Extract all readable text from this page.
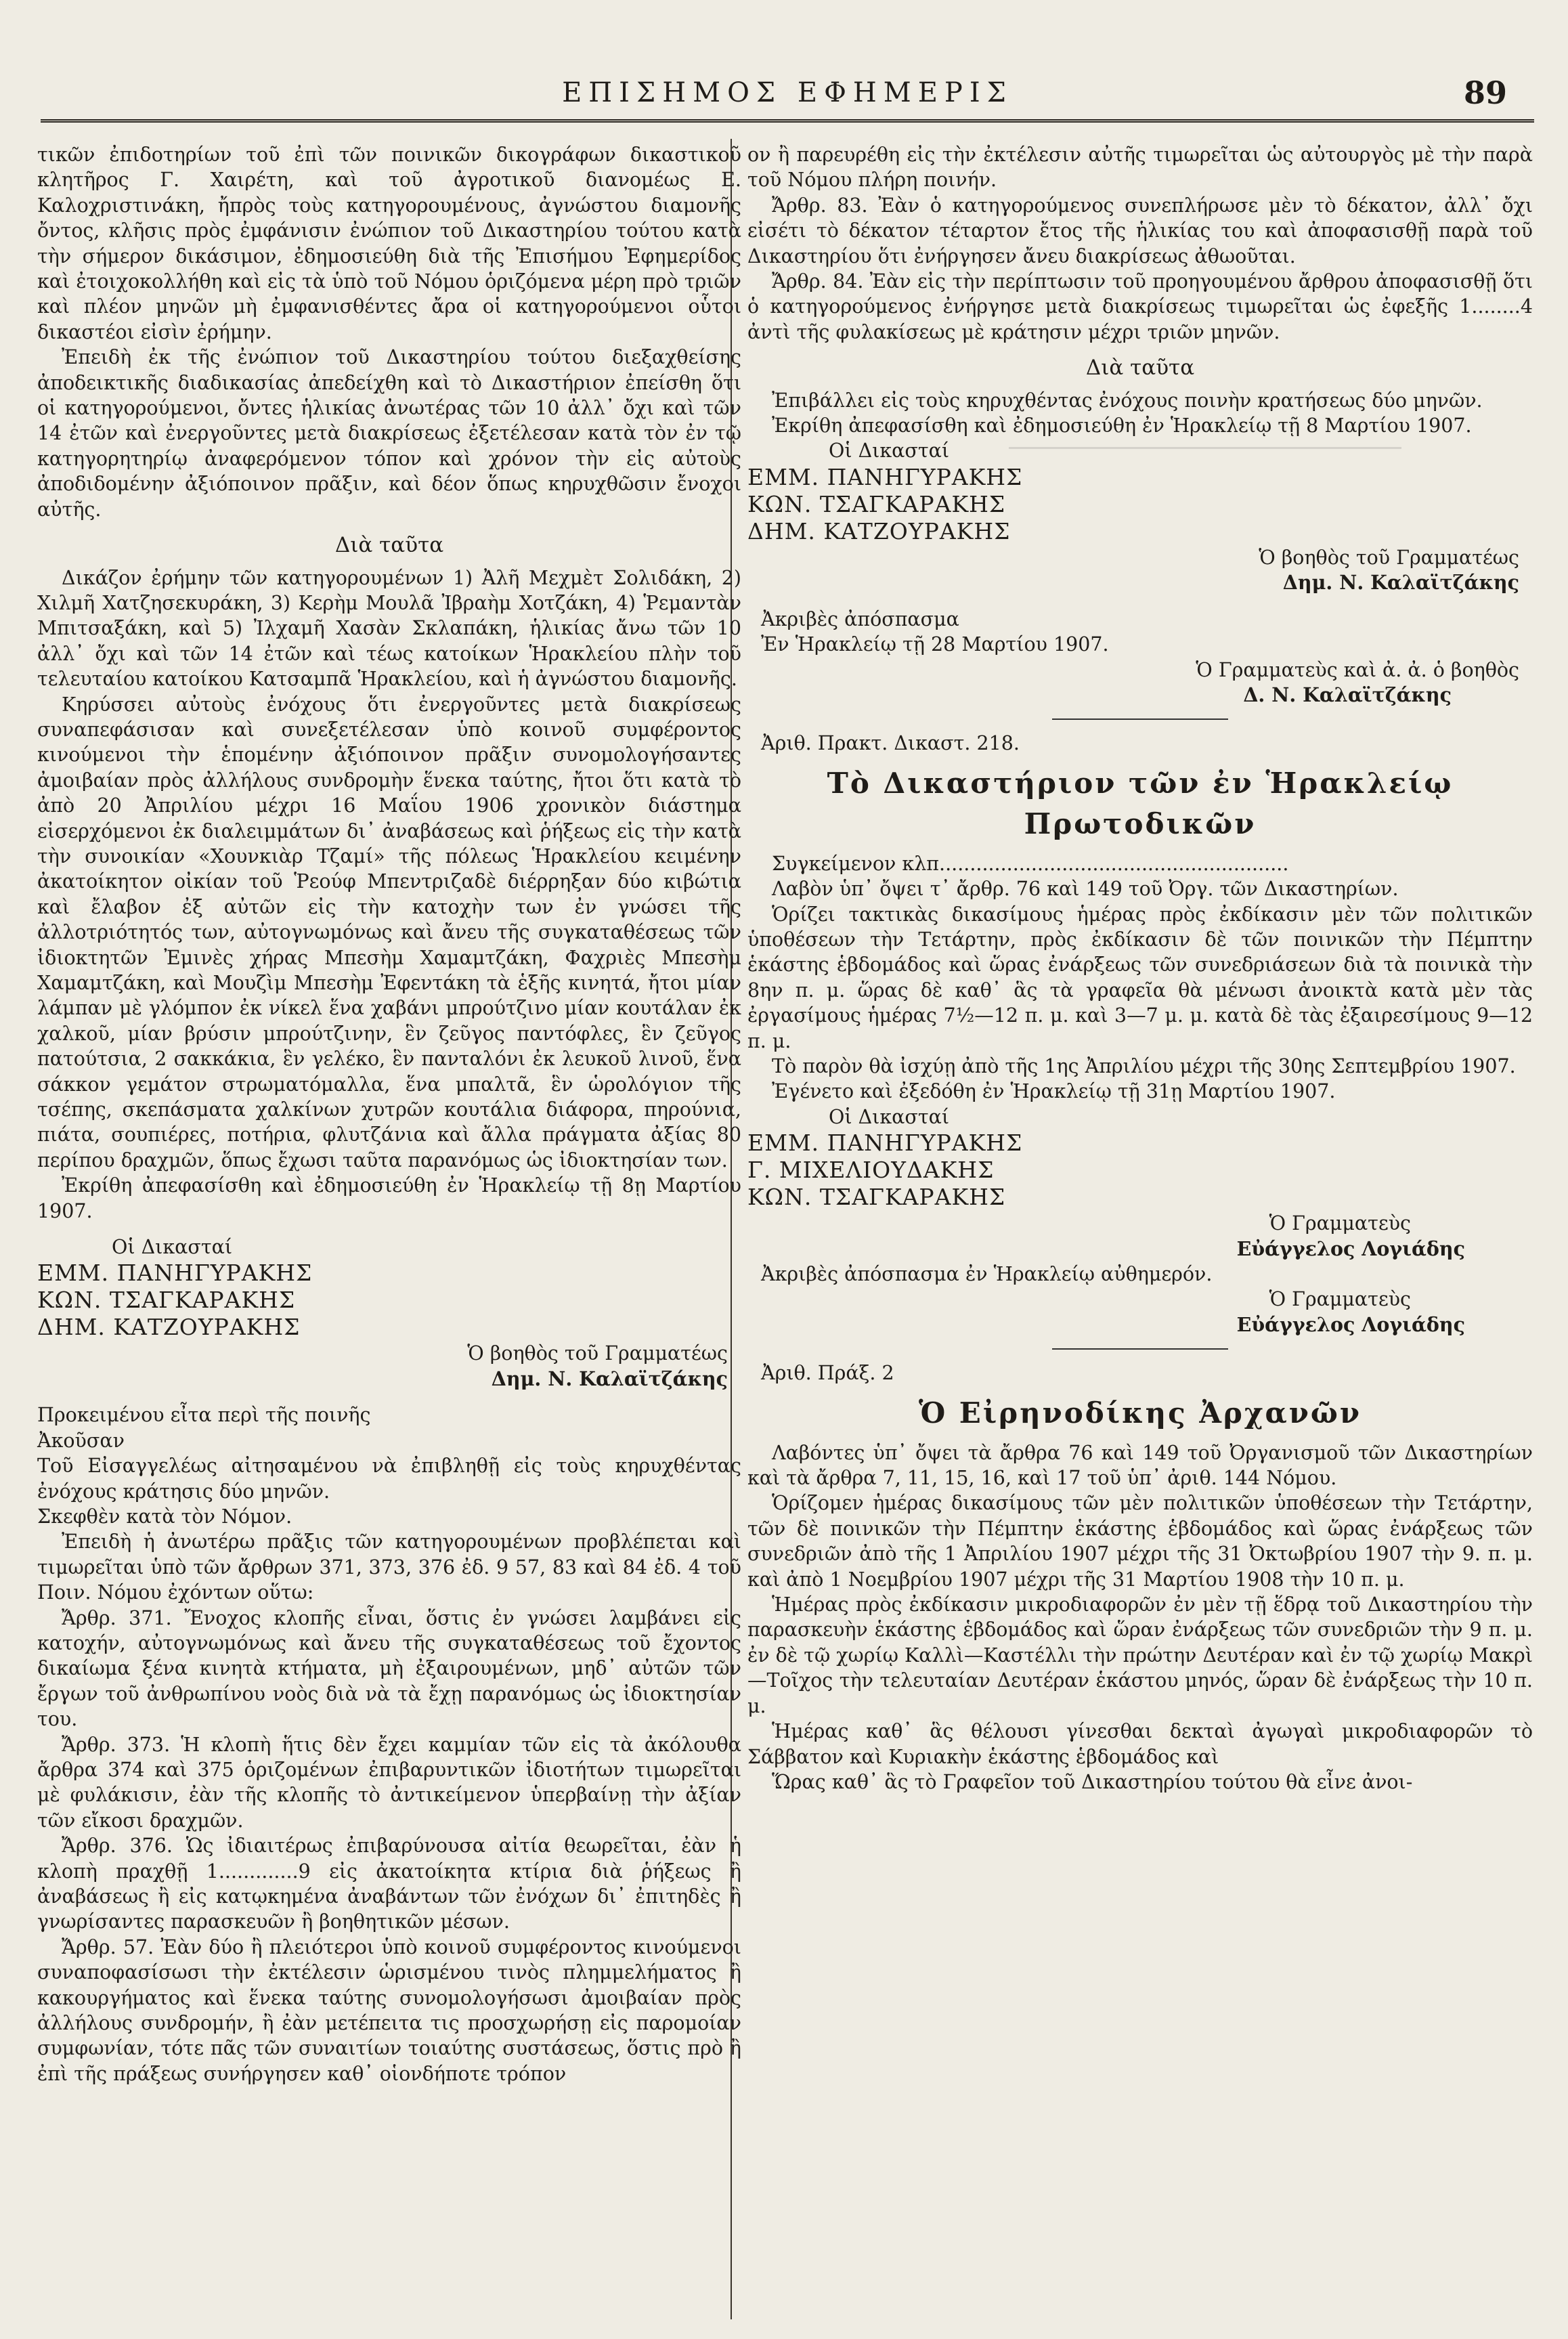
ΕΠΙΣΗΜΟΣ ΕΦΗΜΕΡΙΣ	89

τικῶν ἐπιδοτηρίων τοῦ ἐπὶ τῶν ποινικῶν δικογράφων δικαστικοῦ κλητῆρος Γ. Χαιρέτη, καὶ τοῦ ἀγροτικοῦ διανομέως Ε. Καλοχριστινάκη, ἤπρὸς τοὺς κατηγορουμένους, ἀγνώστου διαμονῆς ὄντος, κλῆσις πρὸς ἐμφάνισιν ἐνώπιον τοῦ Δικαστηρίου τούτου κατὰ τὴν σήμερον δικάσιμον, ἐδημοσιεύθη διὰ τῆς Ἐπισήμου Ἐφημερίδος καὶ ἐτοιχοκολλήθη καὶ εἰς τὰ ὑπὸ τοῦ Νόμου ὁριζόμενα μέρη πρὸ τριῶν καὶ πλέον μηνῶν μὴ ἐμφανισθέντες ἄρα οἱ κατηγορούμενοι οὗτοι δικαστέοι εἰσὶν ἐρήμην.

Ἐπειδὴ ἐκ τῆς ἐνώπιον τοῦ Δικαστηρίου τούτου διεξαχθείσης ἀποδεικτικῆς διαδικασίας ἀπεδείχθη καὶ τὸ Δικαστήριον ἐπείσθη ὅτι οἱ κατηγορούμενοι, ὄντες ἡλικίας ἀνωτέρας τῶν 10 ἀλλ᾽ ὄχι καὶ τῶν 14 ἐτῶν καὶ ἐνεργοῦντες μετὰ διακρίσεως ἐξετέλεσαν κατὰ τὸν ἐν τῷ κατηγορητηρίῳ ἀναφερόμενον τόπον καὶ χρόνον τὴν εἰς αὐτοὺς ἀποδιδομένην ἀξιόποινον πρᾶξιν, καὶ δέον ὅπως κηρυχθῶσιν ἔνοχοι αὐτῆς.

Διὰ ταῦτα

Δικάζον ἐρήμην τῶν κατηγορουμένων 1) Ἀλῆ Μεχμὲτ Σολιδάκη, 2) Χιλμῆ Χατζησεκυράκη, 3) Κερὴμ Μουλᾶ Ἰβραὴμ Χοτζάκη, 4) Ῥεμαντὰν Μπιτσαξάκη, καὶ 5) Ἰλχαμῆ Χασὰν Σκλαπάκη, ἡλικίας ἄνω τῶν 10 ἀλλ᾽ ὄχι καὶ τῶν 14 ἐτῶν καὶ τέως κατοίκων Ἡρακλείου πλὴν τοῦ τελευταίου κατοίκου Κατσαμπᾶ Ἡρακλείου, καὶ ἡ ἀγνώστου διαμονῆς.

Κηρύσσει αὐτοὺς ἐνόχους ὅτι ἐνεργοῦντες μετὰ διακρίσεως συναπεφάσισαν καὶ συνεξετέλεσαν ὑπὸ κοινοῦ συμφέροντος κινούμενοι τὴν ἑπομένην ἀξιόποινον πρᾶξιν συνομολογήσαντες ἀμοιβαίαν πρὸς ἀλλήλους συνδρομὴν ἕνεκα ταύτης, ἤτοι ὅτι κατὰ τὸ ἀπὸ 20 Ἀπριλίου μέχρι 16 Μαΐου 1906 χρονικὸν διάστημα εἰσερχόμενοι ἐκ διαλειμμάτων δι᾽ ἀναβάσεως καὶ ῥήξεως εἰς τὴν κατὰ τὴν συνοικίαν «Χουνκιὰρ Τζαμί» τῆς πόλεως Ἡρακλείου κειμένην ἀκατοίκητον οἰκίαν τοῦ Ῥεούφ Μπεντριζαδὲ διέρρηξαν δύο κιβώτια καὶ ἔλαβον ἐξ αὐτῶν εἰς τὴν κατοχὴν των ἐν γνώσει τῆς ἀλλοτριότητός των, αὐτογνωμόνως καὶ ἄνευ τῆς συγκαταθέσεως τῶν ἰδιοκτητῶν Ἐμινὲς χήρας Μπεσὴμ Χαμαμτζάκη, Φαχριὲς Μπεσὴμ Χαμαμτζάκη, καὶ Μουζὶμ Μπεσὴμ Ἐφεντάκη τὰ ἑξῆς κινητά, ἤτοι μίαν λάμπαν μὲ γλόμπον ἐκ νίκελ ἕνα χαβάνι μπρούτζινο μίαν κουτάλαν ἐκ χαλκοῦ, μίαν βρύσιν μπρούτζινην, ἓν ζεῦγος παντόφλες, ἓν ζεῦγος πατούτσια, 2 σακκάκια, ἓν γελέκο, ἓν πανταλόνι ἐκ λευκοῦ λινοῦ, ἕνα σάκκον γεμάτον στρωματόμαλλα, ἕνα μπαλτᾶ, ἓν ὡρολόγιον τῆς τσέπης, σκεπάσματα χαλκίνων χυτρῶν κουτάλια διάφορα, πηρούνια, πιάτα, σουπιέρες, ποτήρια, φλυτζάνια καὶ ἄλλα πράγματα ἀξίας 80 περίπου δραχμῶν, ὅπως ἔχωσι ταῦτα παρανόμως ὡς ἰδιοκτησίαν των.

Ἐκρίθη ἀπεφασίσθη καὶ ἐδημοσιεύθη ἐν Ἡρακλείῳ τῇ 8ῃ Μαρτίου 1907.

Οἱ Δικασταί

ΕΜΜ. ΠΑΝΗΓΥΡΑΚΗΣ
ΚΩΝ. ΤΣΑΓΚΑΡΑΚΗΣ
ΔΗΜ. ΚΑΤΖΟΥΡΑΚΗΣ
Ὁ βοηθὸς τοῦ Γραμματέως
Δημ. Ν. Καλαϊτζάκης

Προκειμένου εἶτα περὶ τῆς ποινῆς

Ἀκοῦσαν

Τοῦ Εἰσαγγελέως αἰτησαμένου νὰ ἐπιβληθῇ εἰς τοὺς κηρυχθέντας ἐνόχους κράτησις δύο μηνῶν.

Σκεφθὲν κατὰ τὸν Νόμον.

Ἐπειδὴ ἡ ἀνωτέρω πρᾶξις τῶν κατηγορουμένων προβλέπεται καὶ τιμωρεῖται ὑπὸ τῶν ἄρθρων 371, 373, 376 ἐδ. 9 57, 83 καὶ 84 ἐδ. 4 τοῦ Ποιν. Νόμου ἐχόντων οὕτω:

Ἄρθρ. 371. Ἔνοχος κλοπῆς εἶναι, ὅστις ἐν γνώσει λαμβάνει εἰς κατοχήν, αὐτογνωμόνως καὶ ἄνευ τῆς συγκαταθέσεως τοῦ ἔχοντος δικαίωμα ξένα κινητὰ κτήματα, μὴ ἐξαιρουμένων, μηδ᾽ αὐτῶν τῶν ἔργων τοῦ ἀνθρωπίνου νοὸς διὰ νὰ τὰ ἔχῃ παρανόμως ὡς ἰδιοκτησίαν του.

Ἄρθρ. 373. Ἡ κλοπὴ ἥτις δὲν ἔχει καμμίαν τῶν εἰς τὰ ἀκόλουθα ἄρθρα 374 καὶ 375 ὁριζομένων ἐπιβαρυντικῶν ἰδιοτήτων τιμωρεῖται μὲ φυλάκισιν, ἐὰν τῆς κλοπῆς τὸ ἀντικείμενον ὑπερβαίνῃ τὴν ἀξίαν τῶν εἴκοσι δραχμῶν.

Ἄρθρ. 376. Ὡς ἰδιαιτέρως ἐπιβαρύνουσα αἰτία θεωρεῖται, ἐὰν ἡ κλοπὴ πραχθῇ 1.............9 εἰς ἀκατοίκητα κτίρια διὰ ῥήξεως ἢ ἀναβάσεως ἢ εἰς κατῳκημένα ἀναβάντων τῶν ἐνόχων δι᾽ ἐπιτηδὲς ἢ γνωρίσαντες παρασκευῶν ἢ βοηθητικῶν μέσων.

Ἄρθρ. 57. Ἐὰν δύο ἢ πλειότεροι ὑπὸ κοινοῦ συμφέροντος κινούμενοι συναποφασίσωσι τὴν ἐκτέλεσιν ὡρισμένου τινὸς πλημμελήματος ἢ κακουργήματος καὶ ἕνεκα ταύτης συνομολογήσωσι ἀμοιβαίαν πρὸς ἀλλήλους συνδρομήν, ἢ ἐὰν μετέπειτα τις προσχωρήσῃ εἰς παρομοίαν συμφωνίαν, τότε πᾶς τῶν συναιτίων τοιαύτης συστάσεως, ὅστις πρὸ ἢ ἐπὶ τῆς πράξεως συνήργησεν καθ᾽ οἱονδήποτε τρόπον

ον ἢ παρευρέθη εἰς τὴν ἐκτέλεσιν αὐτῆς τιμωρεῖται ὡς αὐτουργὸς μὲ τὴν παρὰ τοῦ Νόμου πλήρη ποινήν.

Ἄρθρ. 83. Ἐὰν ὁ κατηγορούμενος συνεπλήρωσε μὲν τὸ δέκατον, ἀλλ᾽ ὄχι εἰσέτι τὸ δέκατον τέταρτον ἔτος τῆς ἡλικίας του καὶ ἀποφασισθῇ παρὰ τοῦ Δικαστηρίου ὅτι ἐνήργησεν ἄνευ διακρίσεως ἀθωοῦται.

Ἄρθρ. 84. Ἐὰν εἰς τὴν περίπτωσιν τοῦ προηγουμένου ἄρθρου ἀποφασισθῇ ὅτι ὁ κατηγορούμενος ἐνήργησε μετὰ διακρίσεως τιμωρεῖται ὡς ἐφεξῆς 1........4 ἀντὶ τῆς φυλακίσεως μὲ κράτησιν μέχρι τριῶν μηνῶν.

Διὰ ταῦτα

Ἐπιβάλλει εἰς τοὺς κηρυχθέντας ἐνόχους ποινὴν κρατήσεως δύο μηνῶν.

Ἐκρίθη ἀπεφασίσθη καὶ ἐδημοσιεύθη ἐν Ἡρακλείῳ τῇ 8 Μαρτίου 1907.

Οἱ Δικασταί

ΕΜΜ. ΠΑΝΗΓΥΡΑΚΗΣ
ΚΩΝ. ΤΣΑΓΚΑΡΑΚΗΣ
ΔΗΜ. ΚΑΤΖΟΥΡΑΚΗΣ
Ὁ βοηθὸς τοῦ Γραμματέως
Δημ. Ν. Καλαϊτζάκης

Ἀκριβὲς ἀπόσπασμα

Ἐν Ἡρακλείῳ τῇ 28 Μαρτίου 1907.

Ὁ Γραμματεὺς καὶ ἀ. ἀ. ὁ βοηθὸς
Δ. Ν. Καλαϊτζάκης

Ἀριθ. Πρακτ. Δικαστ. 218.

Τὸ Δικαστήριον τῶν ἐν Ἡρακλείῳ Πρωτοδικῶν

Συγκείμενον κλπ.........................................................

Λαβὸν ὑπ᾽ ὄψει τ᾽ ἄρθρ. 76 καὶ 149 τοῦ Ὀργ. τῶν Δικαστηρίων.

Ὁρίζει τακτικὰς δικασίμους ἡμέρας πρὸς ἐκδίκασιν μὲν τῶν πολιτικῶν ὑποθέσεων τὴν Τετάρτην, πρὸς ἐκδίκασιν δὲ τῶν ποινικῶν τὴν Πέμπτην ἑκάστης ἑβδομάδος καὶ ὥρας ἐνάρξεως τῶν συνεδριάσεων διὰ τὰ ποινικὰ τὴν 8ην π. μ. ὥρας δὲ καθ᾽ ἃς τὰ γραφεῖα θὰ μένωσι ἀνοικτὰ κατὰ μὲν τὰς ἐργασίμους ἡμέρας 7½—12 π. μ. καὶ 3—7 μ. μ. κατὰ δὲ τὰς ἐξαιρεσίμους 9—12 π. μ.

Τὸ παρὸν θὰ ἰσχύῃ ἀπὸ τῆς 1ης Ἀπριλίου μέχρι τῆς 30ης Σεπτεμβρίου 1907.

Ἐγένετο καὶ ἐξεδόθη ἐν Ἡρακλείῳ τῇ 31ῃ Μαρτίου 1907.

Οἱ Δικασταί

ΕΜΜ. ΠΑΝΗΓΥΡΑΚΗΣ
Γ. ΜΙΧΕΛΙΟΥΔΑΚΗΣ
ΚΩΝ. ΤΣΑΓΚΑΡΑΚΗΣ
Ὁ Γραμματεὺς
Εὐάγγελος Λογιάδης

Ἀκριβὲς ἀπόσπασμα ἐν Ἡρακλείῳ αὐθημερόν.

Ὁ Γραμματεὺς
Εὐάγγελος Λογιάδης

Ἀριθ. Πράξ. 2

Ὁ Εἰρηνοδίκης Ἀρχανῶν

Λαβόντες ὑπ᾽ ὄψει τὰ ἄρθρα 76 καὶ 149 τοῦ Ὀργανισμοῦ τῶν Δικαστηρίων καὶ τὰ ἄρθρα 7, 11, 15, 16, καὶ 17 τοῦ ὑπ᾽ ἀριθ. 144 Νόμου.

Ὁρίζομεν ἡμέρας δικασίμους τῶν μὲν πολιτικῶν ὑποθέσεων τὴν Τετάρτην, τῶν δὲ ποινικῶν τὴν Πέμπτην ἑκάστης ἑβδομάδος καὶ ὥρας ἐνάρξεως τῶν συνεδριῶν ἀπὸ τῆς 1 Ἀπριλίου 1907 μέχρι τῆς 31 Ὀκτωβρίου 1907 τὴν 9. π. μ. καὶ ἀπὸ 1 Νοεμβρίου 1907 μέχρι τῆς 31 Μαρτίου 1908 τὴν 10 π. μ.

Ἡμέρας πρὸς ἐκδίκασιν μικροδιαφορῶν ἐν μὲν τῇ ἕδρᾳ τοῦ Δικαστηρίου τὴν παρασκευὴν ἑκάστης ἑβδομάδος καὶ ὥραν ἐνάρξεως τῶν συνεδριῶν τὴν 9 π. μ. ἐν δὲ τῷ χωρίῳ Καλλὶ—Καστέλλι τὴν πρώτην Δευτέραν καὶ ἐν τῷ χωρίῳ Μακρὶ—Τοῖχος τὴν τελευταίαν Δευτέραν ἑκάστου μηνός, ὥραν δὲ ἐνάρξεως τὴν 10 π. μ.

Ἡμέρας καθ᾽ ἃς θέλουσι γίνεσθαι δεκταὶ ἀγωγαὶ μικροδιαφορῶν τὸ Σάββατον καὶ Κυριακὴν ἑκάστης ἑβδομάδος καὶ

Ὥρας καθ᾽ ἃς τὸ Γραφεῖον τοῦ Δικαστηρίου τούτου θὰ εἶνε ἀνοι-
